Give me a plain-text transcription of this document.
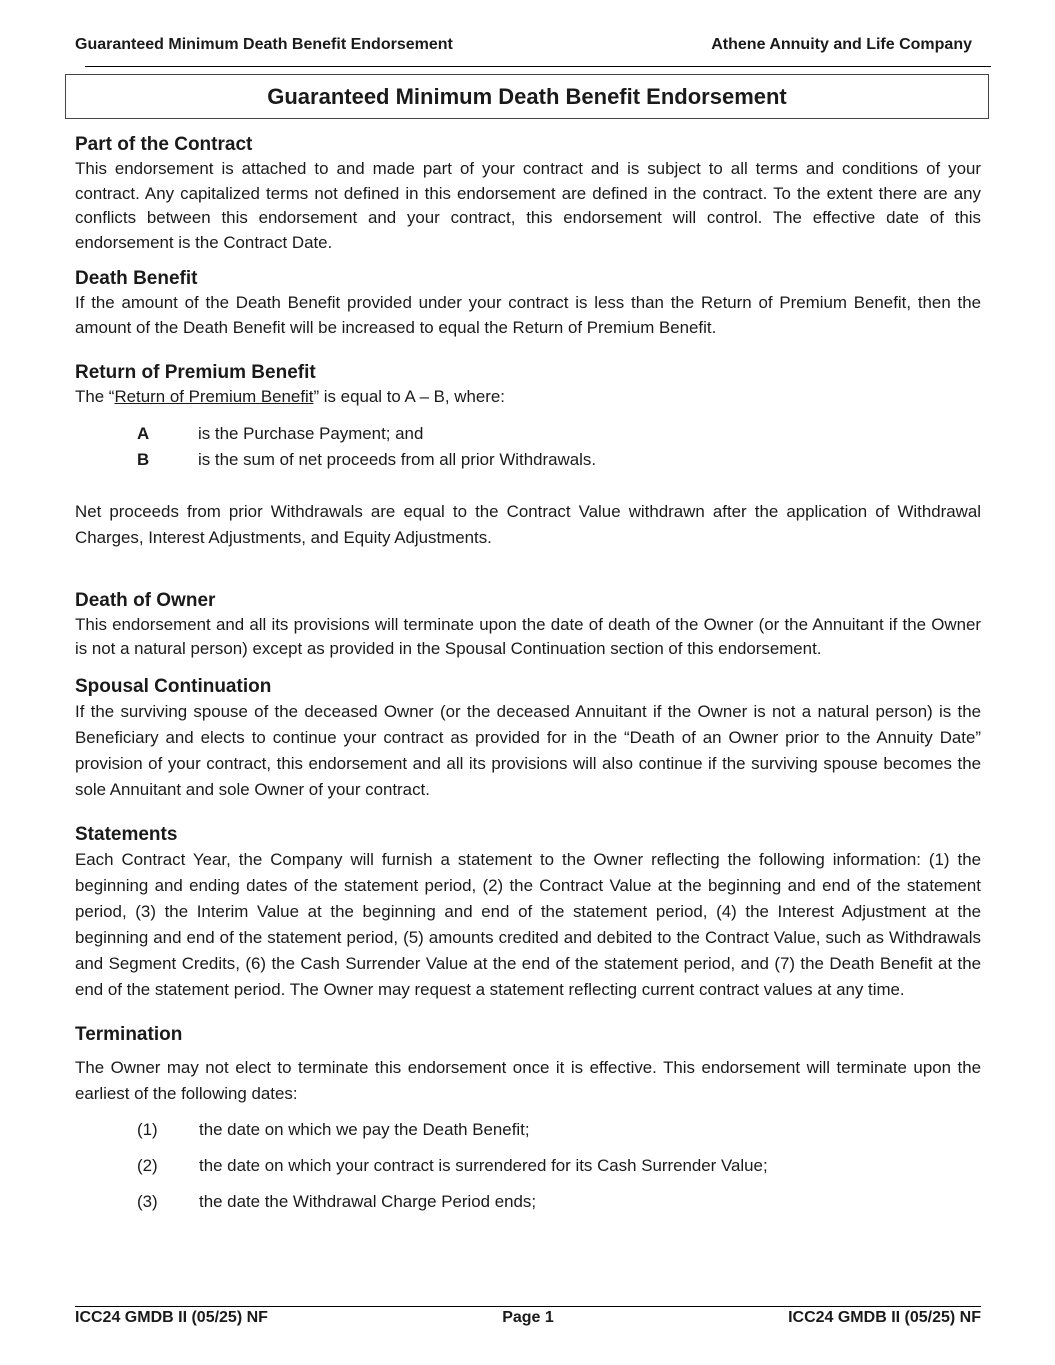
Guaranteed Minimum Death Benefit Endorsement	Athene Annuity and Life Company
Guaranteed Minimum Death Benefit Endorsement
Part of the Contract

This endorsement is attached to and made part of your contract and is subject to all terms and conditions of your contract. Any capitalized terms not defined in this endorsement are defined in the contract. To the extent there are any conflicts between this endorsement and your contract, this endorsement will control. The effective date of this endorsement is the Contract Date.

Death Benefit

If the amount of the Death Benefit provided under your contract is less than the Return of Premium Benefit, then the amount of the Death Benefit will be increased to equal the Return of Premium Benefit.

Return of Premium Benefit

The “Return of Premium Benefit” is equal to A – B, where:

A	is the Purchase Payment; and
B	is the sum of net proceeds from all prior Withdrawals.

Net proceeds from prior Withdrawals are equal to the Contract Value withdrawn after the application of Withdrawal Charges, Interest Adjustments, and Equity Adjustments.

Death of Owner

This endorsement and all its provisions will terminate upon the date of death of the Owner (or the Annuitant if the Owner is not a natural person) except as provided in the Spousal Continuation section of this endorsement.

Spousal Continuation

If the surviving spouse of the deceased Owner (or the deceased Annuitant if the Owner is not a natural person) is the Beneficiary and elects to continue your contract as provided for in the “Death of an Owner prior to the Annuity Date” provision of your contract, this endorsement and all its provisions will also continue if the surviving spouse becomes the sole Annuitant and sole Owner of your contract.

Statements

Each Contract Year, the Company will furnish a statement to the Owner reflecting the following information: (1) the beginning and ending dates of the statement period, (2) the Contract Value at the beginning and end of the statement period, (3) the Interim Value at the beginning and end of the statement period, (4) the Interest Adjustment at the beginning and end of the statement period, (5) amounts credited and debited to the Contract Value, such as Withdrawals and Segment Credits, (6) the Cash Surrender Value at the end of the statement period, and (7) the Death Benefit at the end of the statement period. The Owner may request a statement reflecting current contract values at any time.

Termination

The Owner may not elect to terminate this endorsement once it is effective. This endorsement will terminate upon the earliest of the following dates:

(1)	the date on which we pay the Death Benefit;
(2)	the date on which your contract is surrendered for its Cash Surrender Value;
(3)	the date the Withdrawal Charge Period ends;
ICC24 GMDB II (05/25) NF	Page 1	ICC24 GMDB II (05/25) NF
